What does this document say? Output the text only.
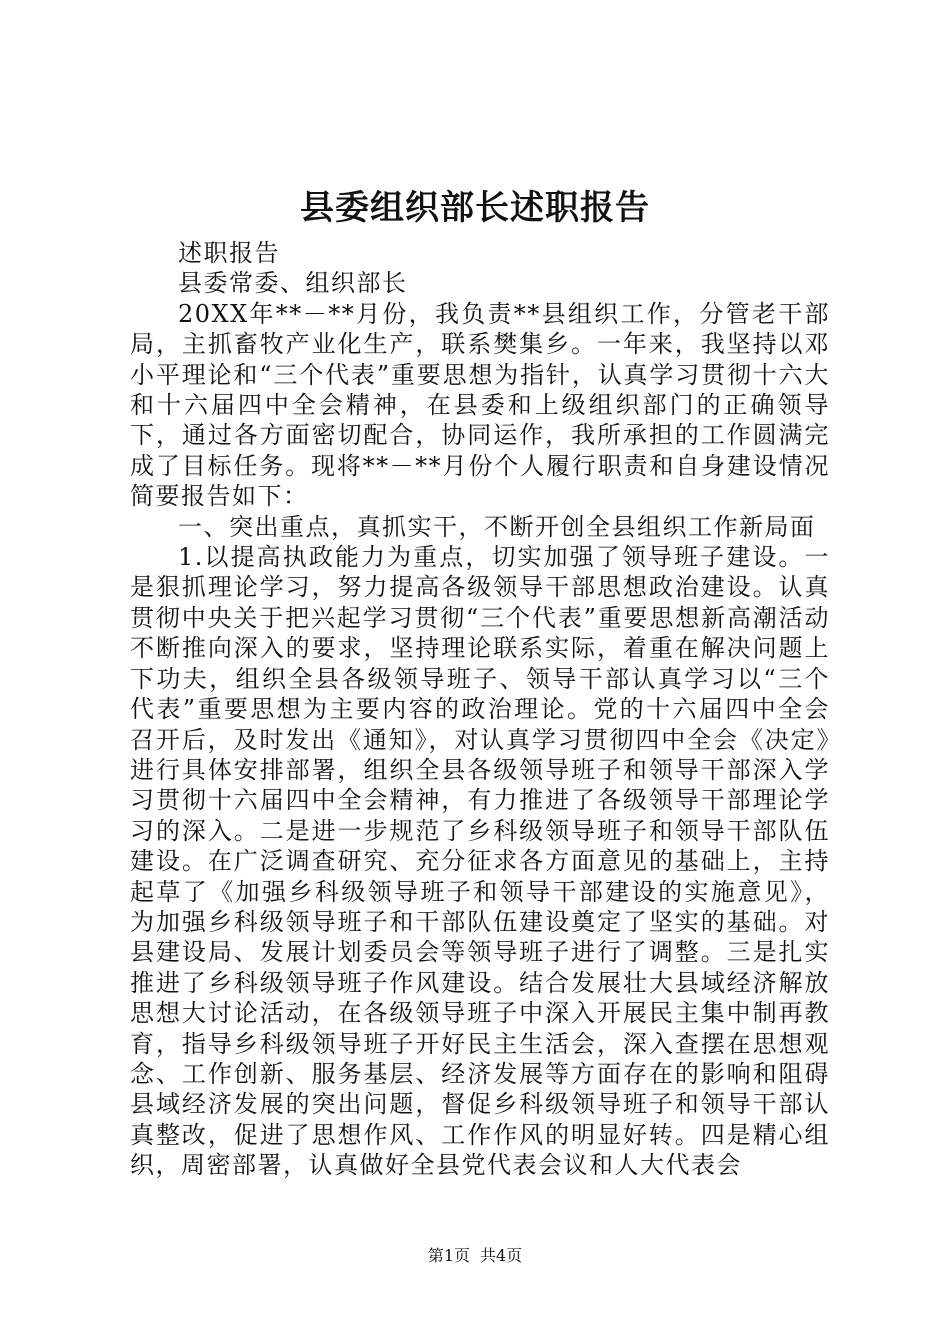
县委组织部长述职报告

述职报告

县委常委、组织部长

20XX年**－**月份，我负责**县组织工作，分管老干部局，主抓畜牧产业化生产，联系樊集乡。一年来，我坚持以邓小平理论和“三个代表”重要思想为指针，认真学习贯彻十六大和十六届四中全会精神，在县委和上级组织部门的正确领导下，通过各方面密切配合，协同运作，我所承担的工作圆满完成了目标任务。现将**－**月份个人履行职责和自身建设情况简要报告如下：

一、突出重点，真抓实干，不断开创全县组织工作新局面

1.以提高执政能力为重点，切实加强了领导班子建设。一是狠抓理论学习，努力提高各级领导干部思想政治建设。认真贯彻中央关于把兴起学习贯彻“三个代表”重要思想新高潮活动不断推向深入的要求，坚持理论联系实际，着重在解决问题上下功夫，组织全县各级领导班子、领导干部认真学习以“三个代表”重要思想为主要内容的政治理论。党的十六届四中全会召开后，及时发出《通知》，对认真学习贯彻四中全会《决定》进行具体安排部署，组织全县各级领导班子和领导干部深入学习贯彻十六届四中全会精神，有力推进了各级领导干部理论学习的深入。二是进一步规范了乡科级领导班子和领导干部队伍建设。在广泛调查研究、充分征求各方面意见的基础上，主持起草了《加强乡科级领导班子和领导干部建设的实施意见》，为加强乡科级领导班子和干部队伍建设奠定了坚实的基础。对县建设局、发展计划委员会等领导班子进行了调整。三是扎实推进了乡科级领导班子作风建设。结合发展壮大县域经济解放思想大讨论活动，在各级领导班子中深入开展民主集中制再教育，指导乡科级领导班子开好民主生活会，深入查摆在思想观念、工作创新、服务基层、经济发展等方面存在的影响和阻碍县域经济发展的突出问题，督促乡科级领导班子和领导干部认真整改，促进了思想作风、工作作风的明显好转。四是精心组织，周密部署，认真做好全县党代表会议和人大代表会

第1页 共4页
